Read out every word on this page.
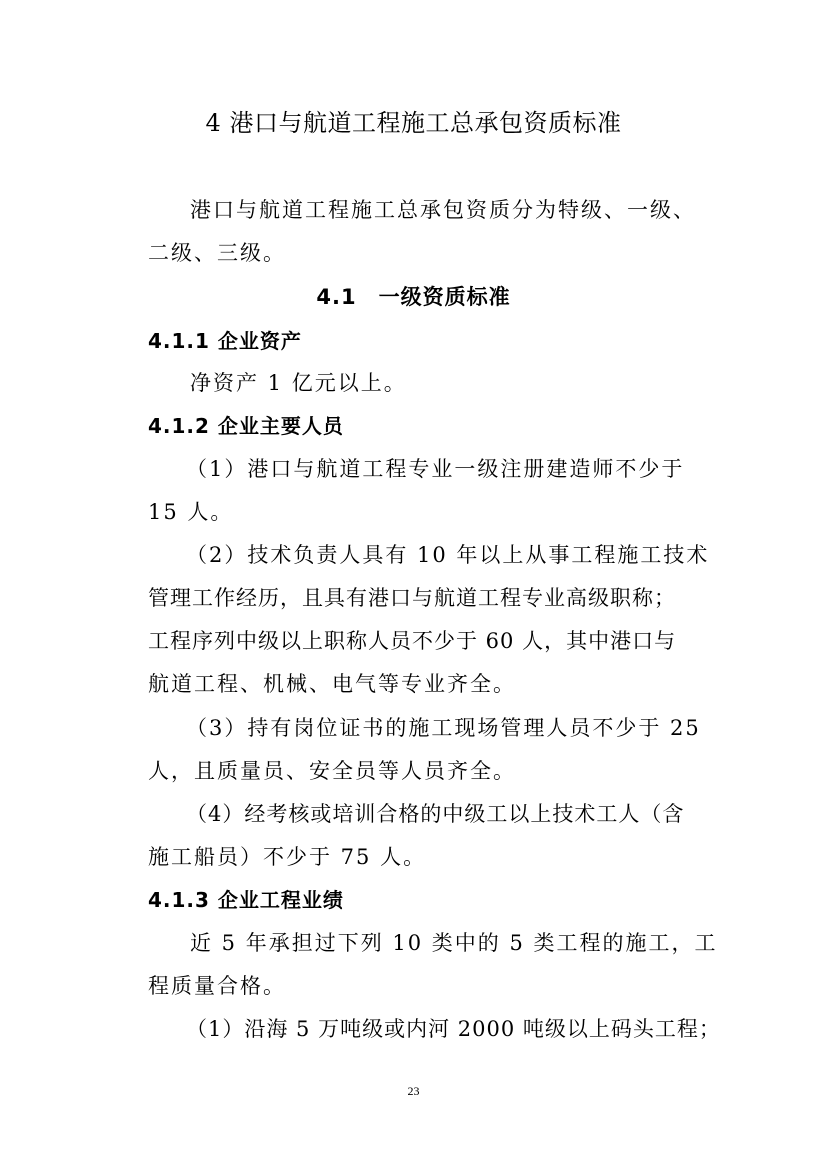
4 港口与航道工程施工总承包资质标准
港口与航道工程施工总承包资质分为特级、一级、
二级、三级。
4.1　一级资质标准
4.1.1 企业资产
净资产 1 亿元以上。
4.1.2 企业主要人员
（1）港口与航道工程专业一级注册建造师不少于
15 人。
（2）技术负责人具有 10 年以上从事工程施工技术
管理工作经历，且具有港口与航道工程专业高级职称；
工程序列中级以上职称人员不少于 60 人，其中港口与
航道工程、机械、电气等专业齐全。
（3）持有岗位证书的施工现场管理人员不少于 25
人，且质量员、安全员等人员齐全。
（4）经考核或培训合格的中级工以上技术工人（含
施工船员）不少于 75 人。
4.1.3 企业工程业绩
近 5 年承担过下列 10 类中的 5 类工程的施工，工
程质量合格。
（1）沿海 5 万吨级或内河 2000 吨级以上码头工程；
23
